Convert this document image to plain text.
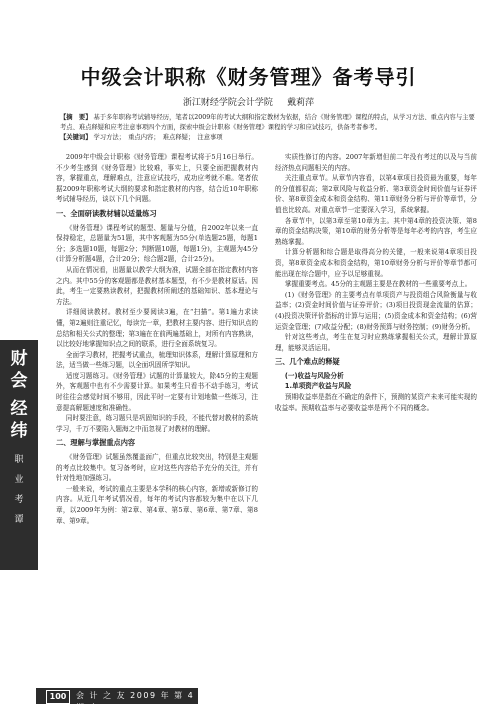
中级会计职称《财务管理》备考导引
浙江财经学院会计学院 戴莉萍
【摘　要】 基于多年职称考试辅导经历，笔者以2009年的考试大纲和指定教材为依据，结合《财务管理》课程的特点，从学习方法、重点内容与主要考点、难点释疑和应考注意事项四个方面，探索中级会计职称《财务管理》课程的学习和应试技巧，供备考者参考。
【关键词】 学习方法；　重点内容；　难点释疑；　注意事项

2009年中级会计职称《财务管理》课程考试将于5月16日举行。不少考生感到《财务管理》比较难，事实上，只要全面把握教材内容，掌握重点，理解难点，注意应试技巧，成功应考就不难。笔者依据2009年职称考试大纲的要求和指定教材的内容，结合近10年职称考试辅导经历，谈以下几个问题。

一、全面研读教材辅以适量练习

《财务管理》课程考试的题型、题量与分值，自2002年以来一直保持稳定，总题量为51题，其中客观题为55分(单选题25题，每题1分；多选题10题，每题2分；判断题10题，每题1分)，主观题为45分(计算分析题4题，合计20分；综合题2题，合计25分)。

从而在情况看，出题量以教学大纲为准，试题全部在指定教材内容之内。其中55分的客观题都是教材基本题型，有不少是教材原话。因此，考生一定要熟读教材，把握教材所阐述的基础知识、基本理论与方法。

详细阅读教材。教材至少要阅读3遍，在“扫描”。第1遍力求读懂，第2遍则注重记忆，每读完一章，把教材主要内容、进行知识点的总结和相关公式的整理；第3遍在在前两遍基础上，对所有内容熟读，以比较好地掌握知识点之间的联系，进行全面系统复习。

全面学习教材，把握考试重点，梳理知识体系，理解计算原理和方法，适当做一些练习题，以全面巩固所学知识。

适度习题练习。《财务管理》试题的计算量较大，除45分的主观题外，客观题中也有不少需要计算。如果考生只看书不动手练习，考试时往往会感觉时间不够用，因此平时一定要有计划地做一些练习，注意提高解题速度和准确性。

同时要注意，练习题只是巩固知识的手段，不能代替对教材的系统学习，千万不要陷入题海之中而忽视了对教材的理解。

二、理解与掌握重点内容

《财务管理》试题虽然覆盖面广，但重点比较突出，特别是主观题的考点比较集中。复习备考时，应对这些内容给予充分的关注，并有针对性地加强练习。

一般来说，考试的重点主要是本学科的核心内容，新增或新修订的内容。从近几年考试情况看，每年的考试内容都较为集中在以下几章，以2009年为例：第2章、第4章、第5章、第6章、第7章、第8章、第9章。

实质性修订的内容。2007年新增但前二年没有考过的以及与当前经济热点问题相关的内容。

关注重点章节。从章节内容看，以第4章项目投资最为重要，每年的分值都很高；第2章风险与收益分析、第3章资金时间价值与证券评价、第8章资金成本和资金结构、第11章财务分析与评价等章节，分值也比较高。对重点章节一定要深入学习，系统掌握。

各章节中，以第3章至第10章为主。其中第4章的投资决策、第8章的资金结构决策，第10章的财务分析等是每年必考的内容，考生应熟练掌握。

计算分析题和综合题是取得高分的关键，一般来说第4章项目投资，第8章资金成本和资金结构，第10章财务分析与评价等章节都可能出现在综合题中，应予以足够重视。

掌握重要考点。45分的主观题主要是在教材的一些重要考点上。

(1)《财务管理》的主要考点有单项资产与投资组合风险衡量与收益率；(2)资金时间价值与证券评价；(3)项目投资现金流量的估算；(4)投资决策评价指标的计算与运用；(5)资金成本和资金结构；(6)营运资金管理；(7)收益分配；(8)财务预算与财务控制；(9)财务分析。

针对这些考点，考生在复习时应熟练掌握相关公式，理解计算原理，能够灵活运用。

三、几个难点的释疑

(一)收益与风险分析

1.单项资产收益与风险

预期收益率是指在不确定的条件下，预测的某资产未来可能实现的收益率。预期收益率与必要收益率是两个不同的概念。

财
会
经
纬
职
业
考
谭
100	会 计 之 友 2009 年 第 4 期 上
